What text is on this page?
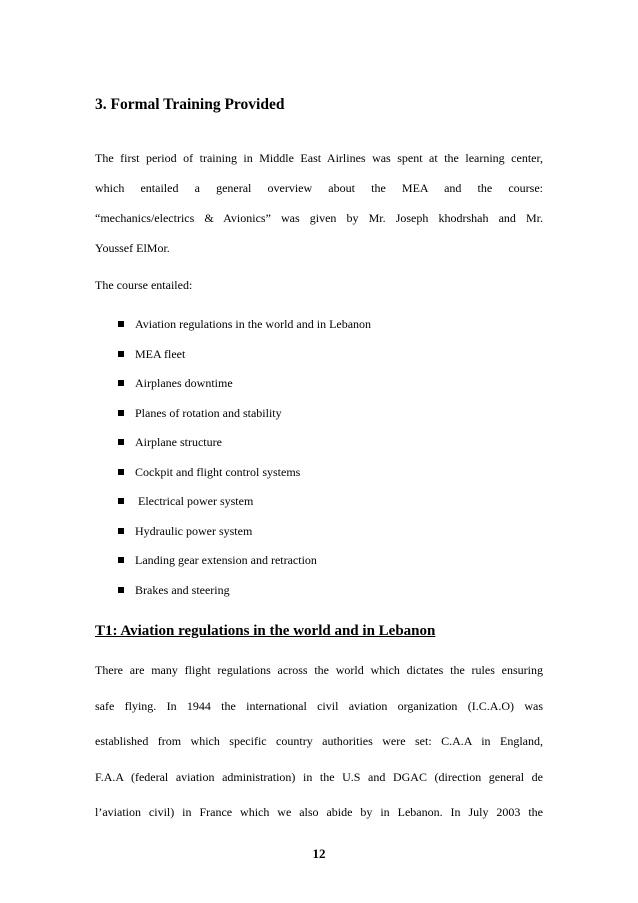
3. Formal Training Provided
The first period of training in Middle East Airlines was spent at the learning center,
which entailed a general overview about the MEA and the course:
“mechanics/electrics & Avionics” was given by Mr. Joseph khodrshah and Mr.
Youssef ElMor.

The course entailed:

Aviation regulations in the world and in Lebanon
MEA fleet
Airplanes downtime
Planes of rotation and stability
Airplane structure
Cockpit and flight control systems
Electrical power system
Hydraulic power system
Landing gear extension and retraction
Brakes and steering
T1: Aviation regulations in the world and in Lebanon
There are many flight regulations across the world which dictates the rules ensuring
safe flying. In 1944 the international civil aviation organization (I.C.A.O) was
established from which specific country authorities were set: C.A.A in England,
F.A.A (federal aviation administration) in the U.S and DGAC (direction general de
l’aviation civil) in France which we also abide by in Lebanon. In July 2003 the
12
